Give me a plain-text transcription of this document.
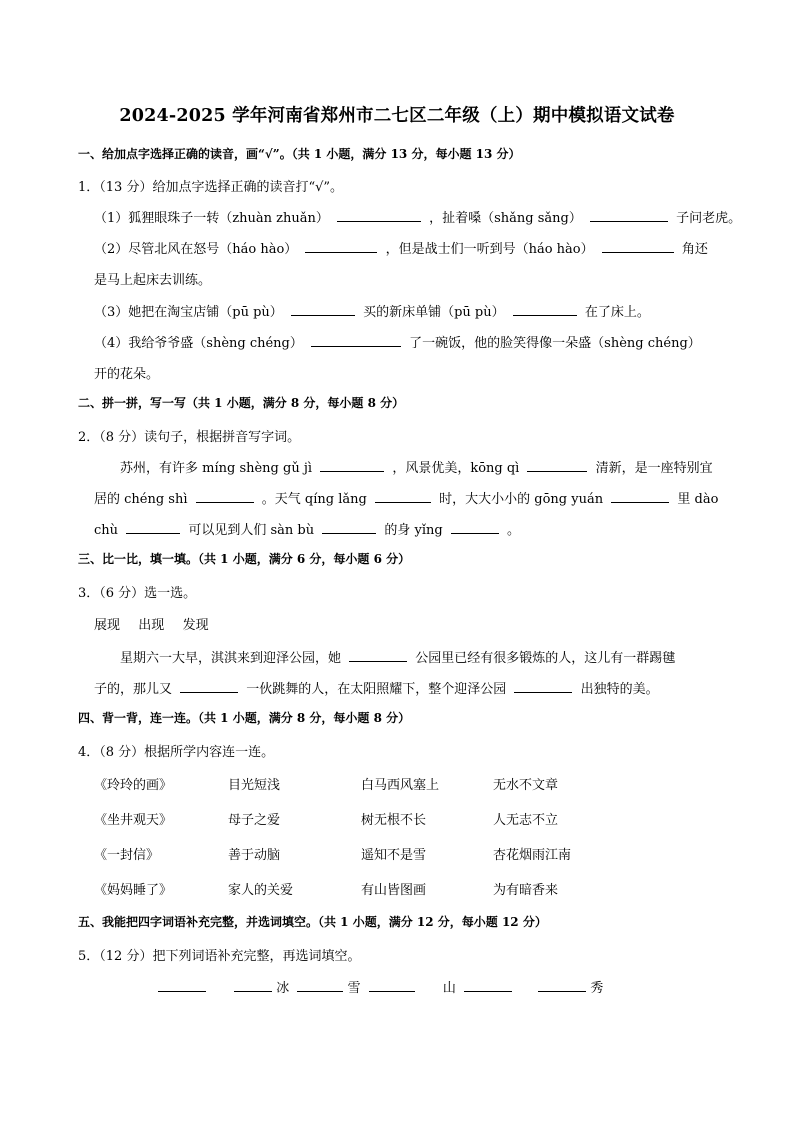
2024-2025 学年河南省郑州市二七区二年级（上）期中模拟语文试卷
一、给加点字选择正确的读音，画“√”。（共 1 小题，满分 13 分，每小题 13 分）
1．（13 分）给加点字选择正确的读音打“√”。
（1）狐狸眼珠子一转（zhuàn zhuǎn）	，扯着嗓（shǎng sǎng）	子问老虎。
（2）尽管北风在怒号（háo hào）	，但是战士们一听到号（háo hào）	角还
是马上起床去训练。
（3）她把在淘宝店铺（pū pù）	买的新床单铺（pū pù）	在了床上。
（4）我给爷爷盛（shèng chéng）	了一碗饭，他的脸笑得像一朵盛（shèng chéng）
开的花朵。
二、拼一拼，写一写（共 1 小题，满分 8 分，每小题 8 分）
2．（8 分）读句子，根据拼音写字词。
苏州，有许多 míng shèng gǔ jì	，风景优美，kōng qì	清新，是一座特别宜
居的 chéng shì	。天气 qíng lǎng	时，大大小小的 gōng yuán	里 dào
chù	可以见到人们 sàn bù	的身 yǐng	。
三、比一比，填一填。（共 1 小题，满分 6 分，每小题 6 分）
3．（6 分）选一选。
展现 出现 发现
星期六一大早，淇淇来到迎泽公园，她	公园里已经有很多锻炼的人，这儿有一群踢毽
子的，那儿又	一伙跳舞的人，在太阳照耀下，整个迎泽公园	出独特的美。
四、背一背，连一连。（共 1 小题，满分 8 分，每小题 8 分）
4．（8 分）根据所学内容连一连。
《玲玲的画》	目光短浅	白马西风塞上	无水不文章
《坐井观天》	母子之爱	树无根不长	人无志不立
《一封信》	善于动脑	遥知不是雪	杏花烟雨江南
《妈妈睡了》	家人的关爱	有山皆图画	为有暗香来
五、我能把四字词语补充完整，并选词填空。（共 1 小题，满分 12 分，每小题 12 分）
5．（12 分）把下列词语补充完整，再选词填空。
冰	雪	山	秀
